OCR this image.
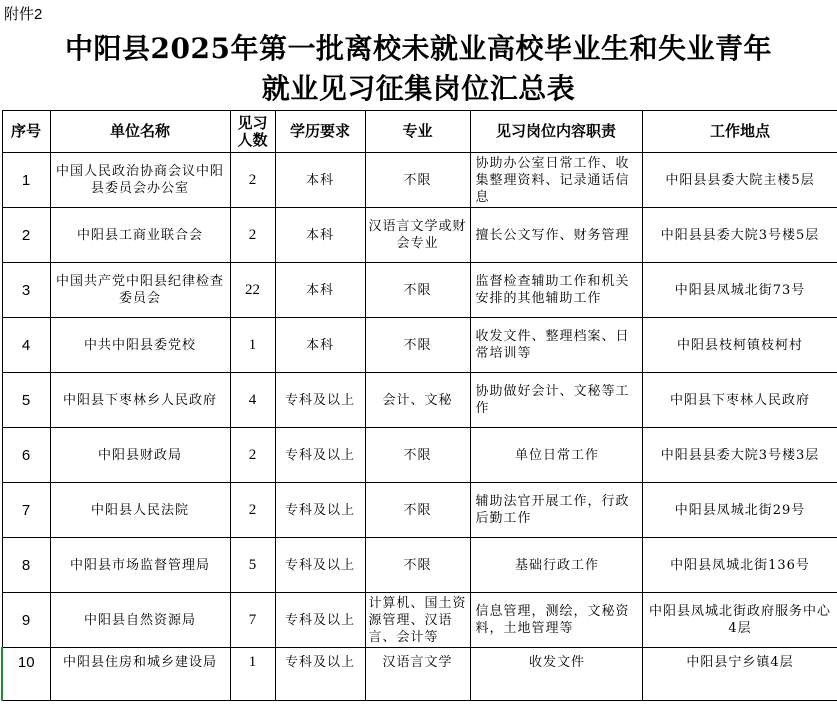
附件2
中阳县2025年第一批离校未就业高校毕业生和失业青年
就业见习征集岗位汇总表
序号	单位名称	见习人数	学历要求	专业	见习岗位内容职责	工作地点
1	中国人民政治协商会议中阳县委员会办公室	2	本科	不限	协助办公室日常工作、收集整理资料、记录通话信息	中阳县县委大院主楼5层
2	中阳县工商业联合会	2	本科	汉语言文学或财会专业	擅长公文写作、财务管理	中阳县县委大院3号楼5层
3	中国共产党中阳县纪律检查委员会	22	本科	不限	监督检查辅助工作和机关安排的其他辅助工作	中阳县凤城北街73号
4	中共中阳县委党校	1	本科	不限	收发文件、整理档案、日常培训等	中阳县枝柯镇枝柯村
5	中阳县下枣林乡人民政府	4	专科及以上	会计、文秘	协助做好会计、文秘等工作	中阳县下枣林人民政府
6	中阳县财政局	2	专科及以上	不限	单位日常工作	中阳县县委大院3号楼3层
7	中阳县人民法院	2	专科及以上	不限	辅助法官开展工作，行政后勤工作	中阳县凤城北街29号
8	中阳县市场监督管理局	5	专科及以上	不限	基础行政工作	中阳县凤城北街136号
9	中阳县自然资源局	7	专科及以上	计算机、国土资源管理、汉语言、会计等	信息管理，测绘，文秘资料，土地管理等	中阳县凤城北街政府服务中心4层
10	中阳县住房和城乡建设局	1	专科及以上	汉语言文学	收发文件	中阳县宁乡镇4层
